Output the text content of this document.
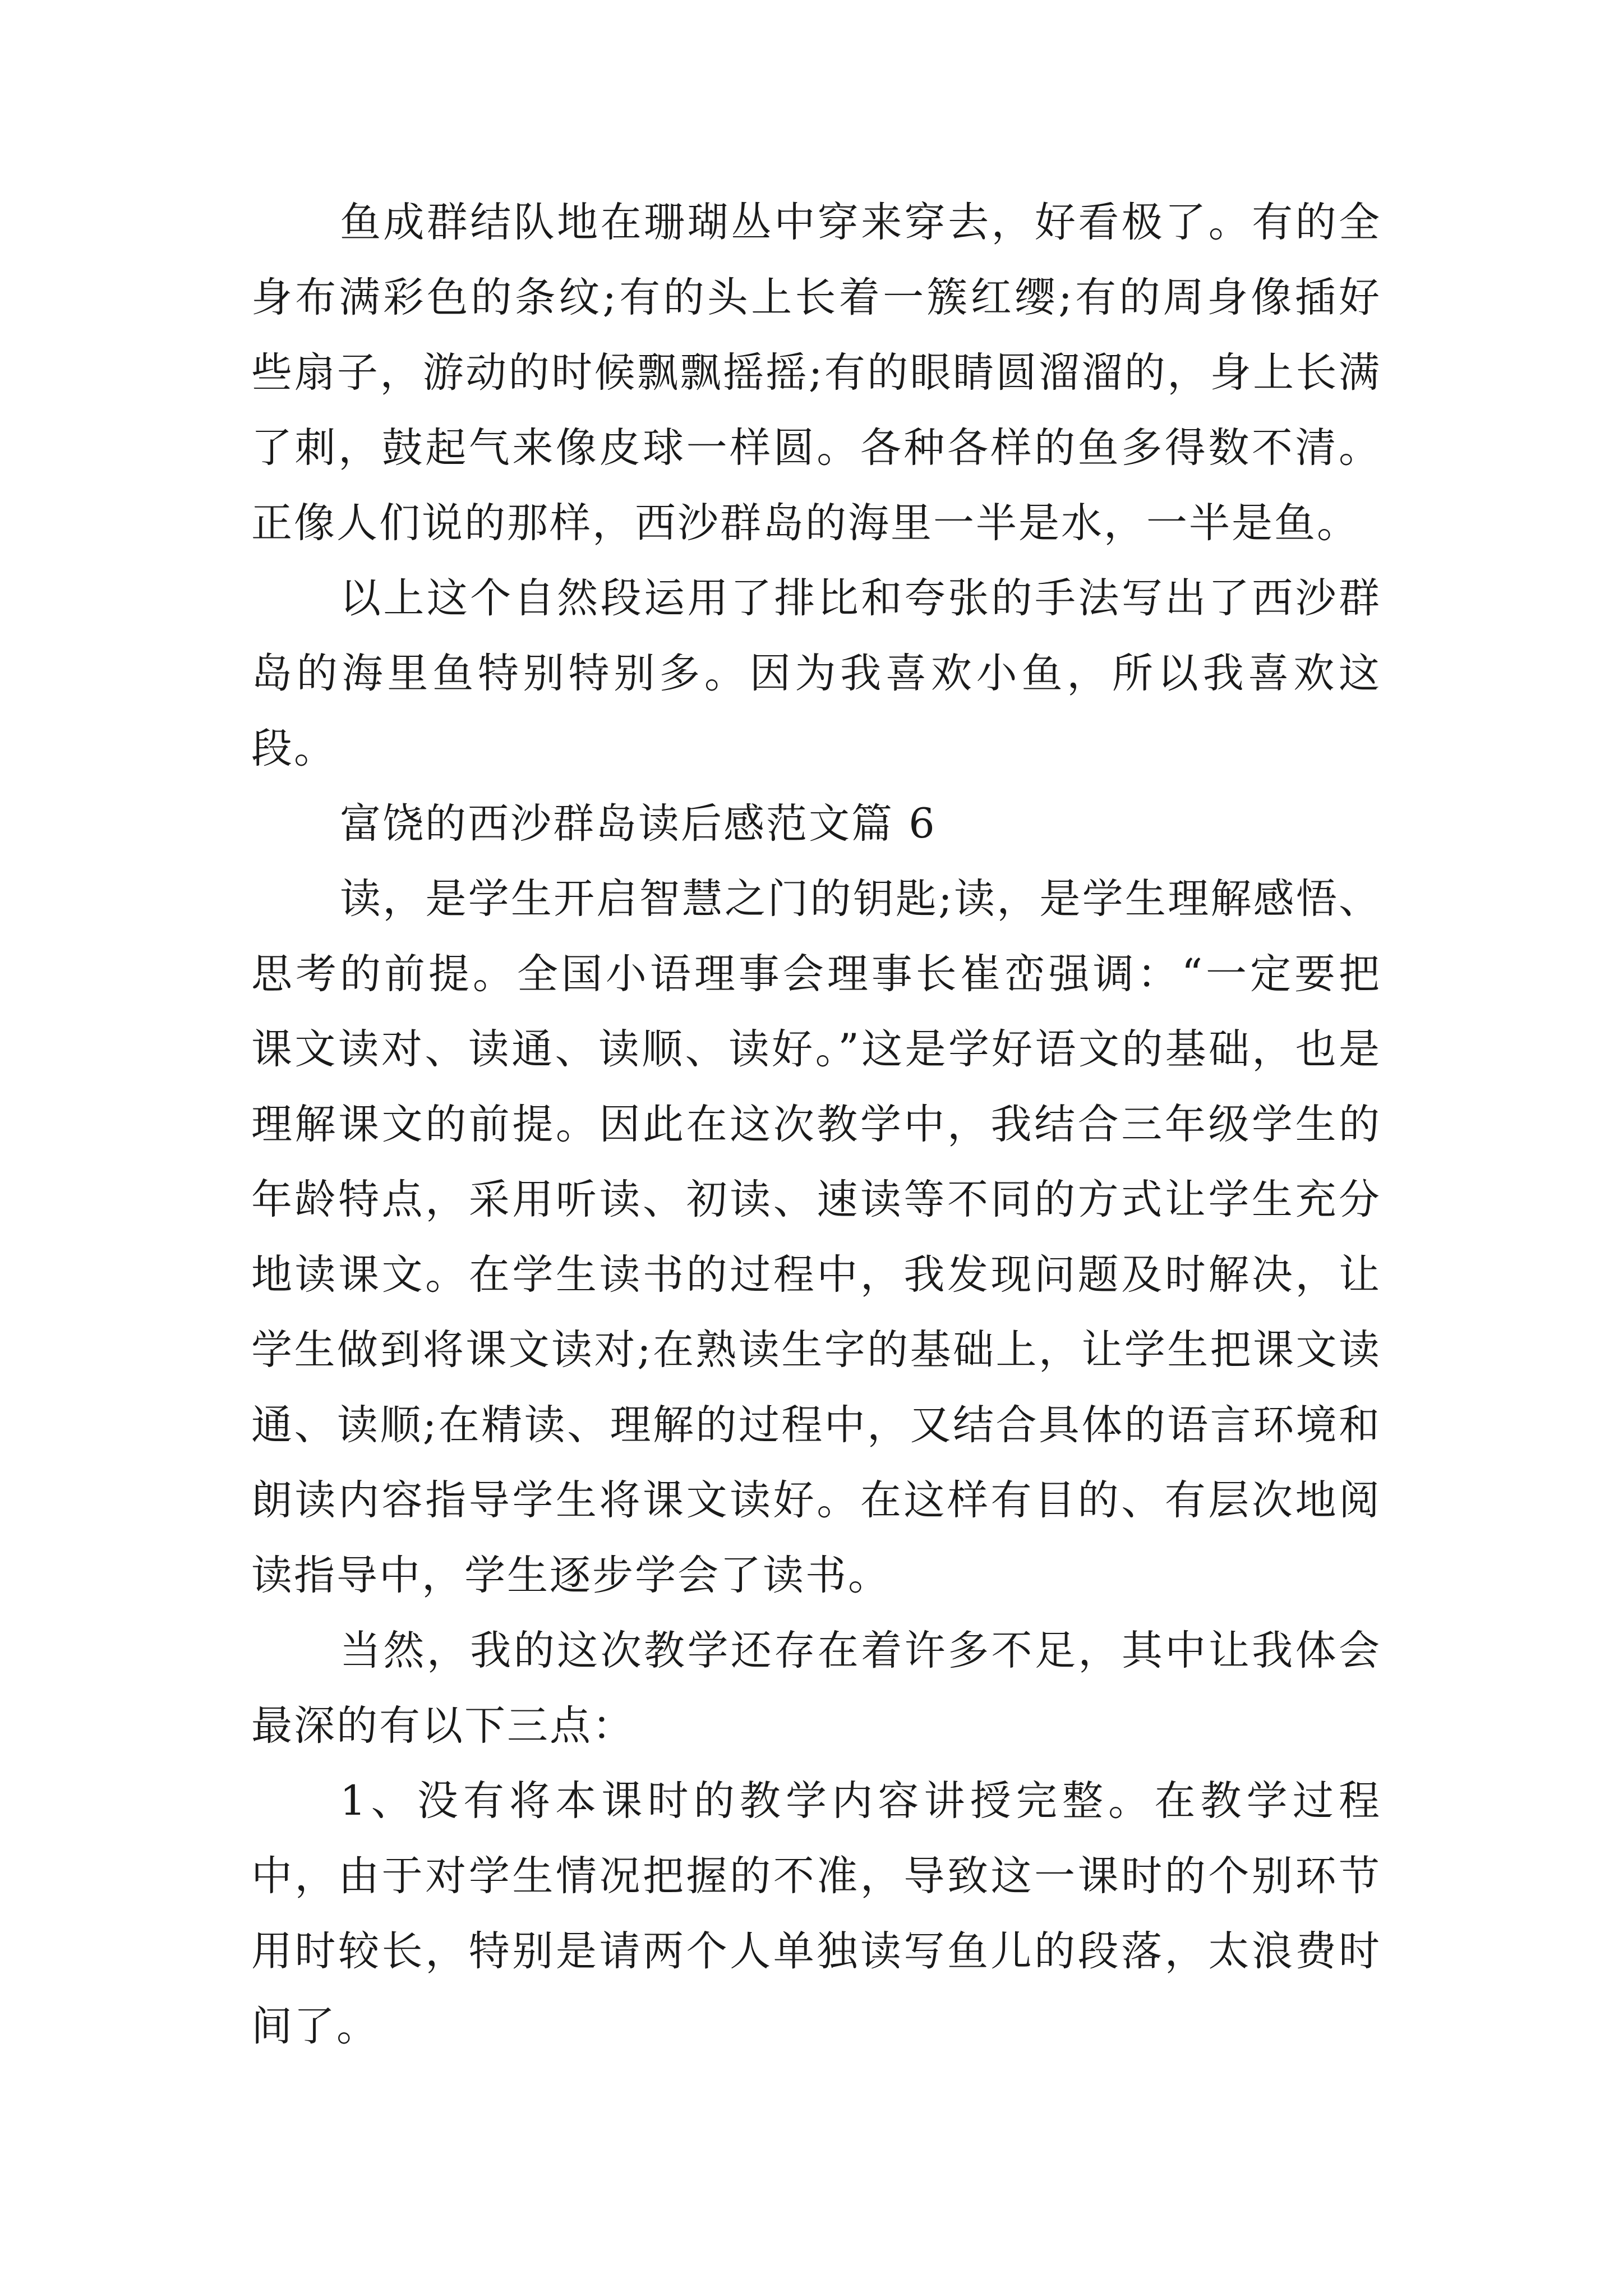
鱼成群结队地在珊瑚丛中穿来穿去，好看极了。有的全身布满彩色的条纹;有的头上长着一簇红缨;有的周身像插好些扇子，游动的时候飘飘摇摇;有的眼睛圆溜溜的，身上长满了刺，鼓起气来像皮球一样圆。各种各样的鱼多得数不清。正像人们说的那样，西沙群岛的海里一半是水，一半是鱼。

以上这个自然段运用了排比和夸张的手法写出了西沙群岛的海里鱼特别特别多。因为我喜欢小鱼，所以我喜欢这段。

富饶的西沙群岛读后感范文篇 6

读，是学生开启智慧之门的钥匙;读，是学生理解感悟、思考的前提。全国小语理事会理事长崔峦强调：“一定要把课文读对、读通、读顺、读好。”这是学好语文的基础，也是理解课文的前提。因此在这次教学中，我结合三年级学生的年龄特点，采用听读、初读、速读等不同的方式让学生充分地读课文。在学生读书的过程中，我发现问题及时解决，让学生做到将课文读对;在熟读生字的基础上，让学生把课文读通、读顺;在精读、理解的过程中，又结合具体的语言环境和朗读内容指导学生将课文读好。在这样有目的、有层次地阅读指导中，学生逐步学会了读书。

当然，我的这次教学还存在着许多不足，其中让我体会最深的有以下三点：

1、没有将本课时的教学内容讲授完整。在教学过程中，由于对学生情况把握的不准，导致这一课时的个别环节用时较长，特别是请两个人单独读写鱼儿的段落，太浪费时间了。
